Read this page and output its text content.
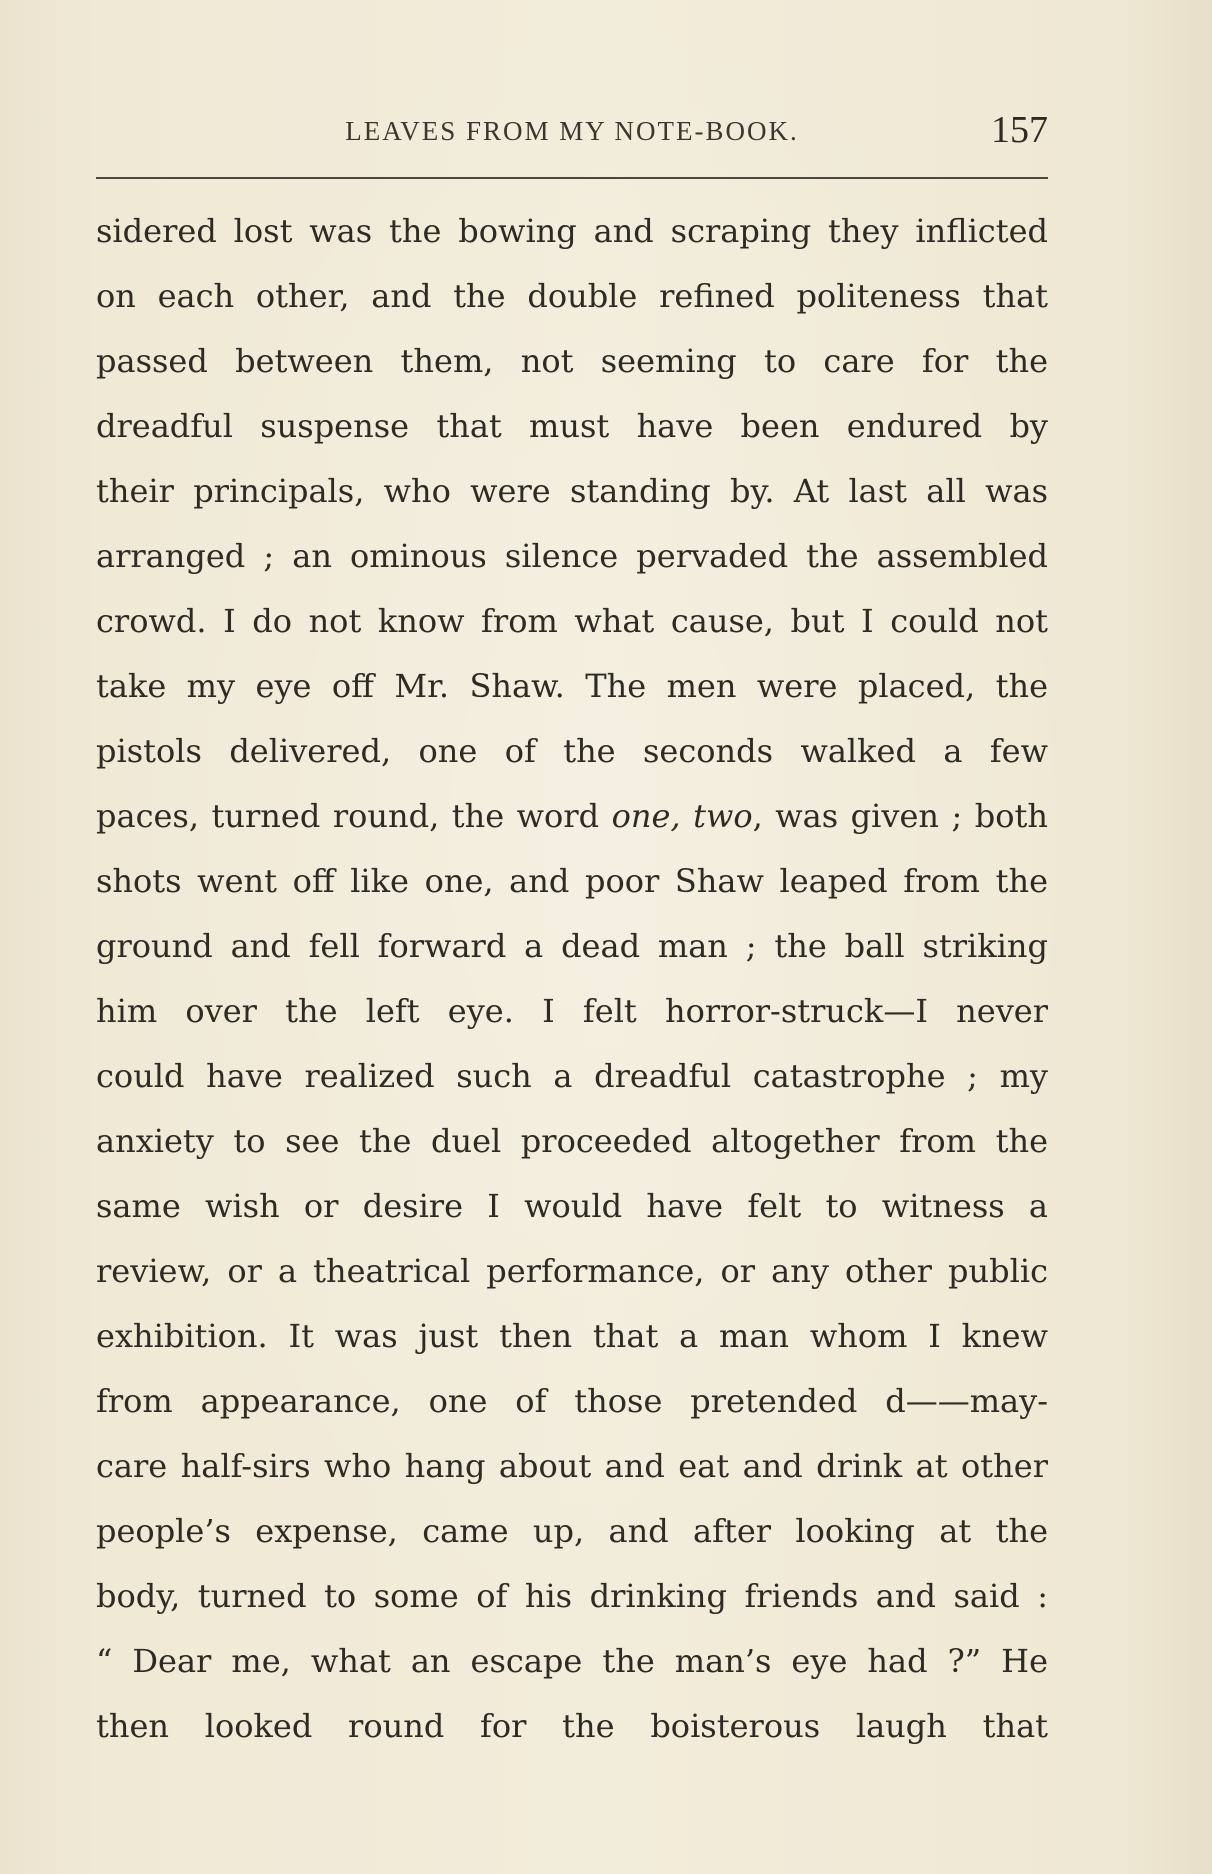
LEAVES FROM MY NOTE-BOOK.	157
sidered lost was the bowing and scraping they inflicted
on each other, and the double refined politeness that
passed between them, not seeming to care for the
dreadful suspense that must have been endured by
their principals, who were standing by. At last all was
arranged ; an ominous silence pervaded the assembled
crowd. I do not know from what cause, but I could not
take my eye off Mr. Shaw. The men were placed, the
pistols delivered, one of the seconds walked a few
paces, turned round, the word one, two, was given ; both
shots went off like one, and poor Shaw leaped from the
ground and fell forward a dead man ; the ball striking
him over the left eye. I felt horror-struck—I never
could have realized such a dreadful catastrophe ; my
anxiety to see the duel proceeded altogether from the
same wish or desire I would have felt to witness a
review, or a theatrical performance, or any other public
exhibition. It was just then that a man whom I knew
from appearance, one of those pretended d——may-
care half-sirs who hang about and eat and drink at other
people’s expense, came up, and after looking at the
body, turned to some of his drinking friends and said :
“ Dear me, what an escape the man’s eye had ?” He
then looked round for the boisterous laugh that
